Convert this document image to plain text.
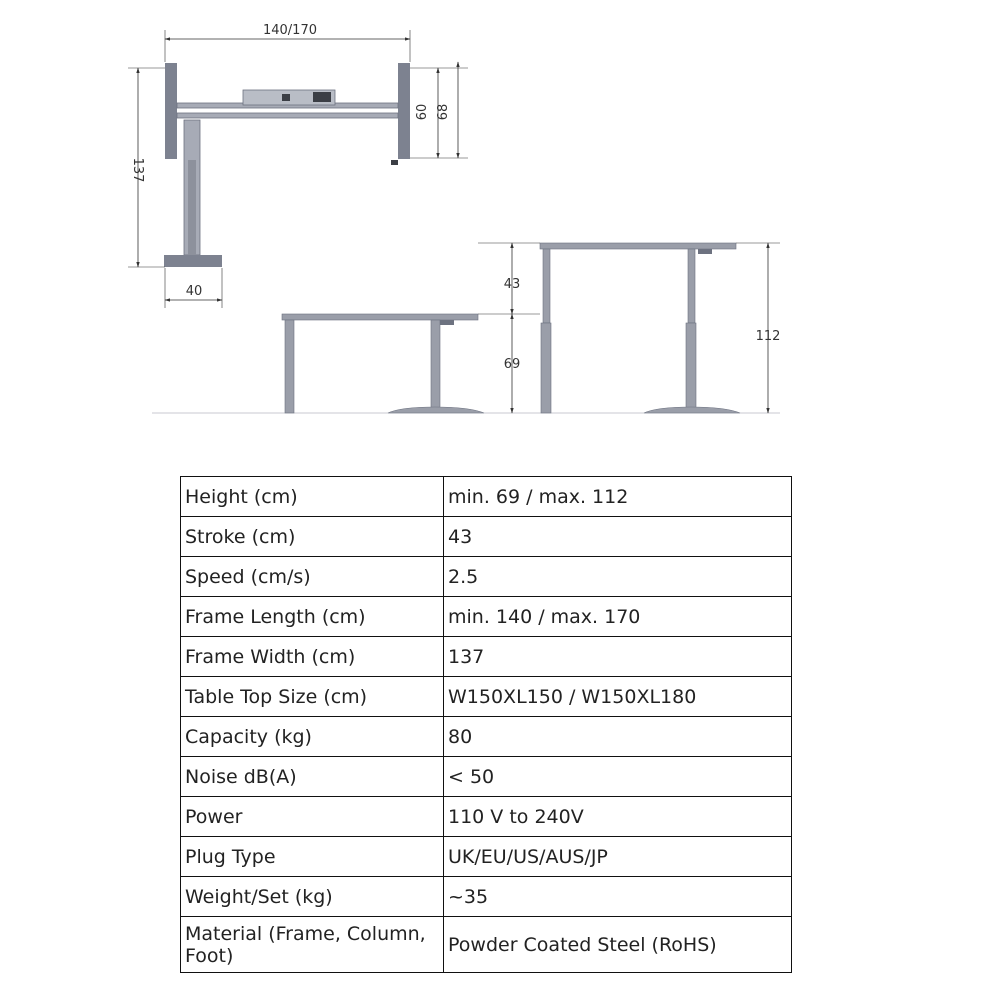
140/170
137
40
60 68
43
69
112
Height (cm)	min. 69 / max. 112
Stroke (cm)	43
Speed (cm/s)	2.5
Frame Length (cm)	min. 140 / max. 170
Frame Width (cm)	137
Table Top Size (cm)	W150XL150 / W150XL180
Capacity (kg)	80
Noise dB(A)	< 50
Power	110 V to 240V
Plug Type	UK/EU/US/AUS/JP
Weight/Set (kg)	~35
Material (Frame, Column, Foot)	Powder Coated Steel (RoHS)
